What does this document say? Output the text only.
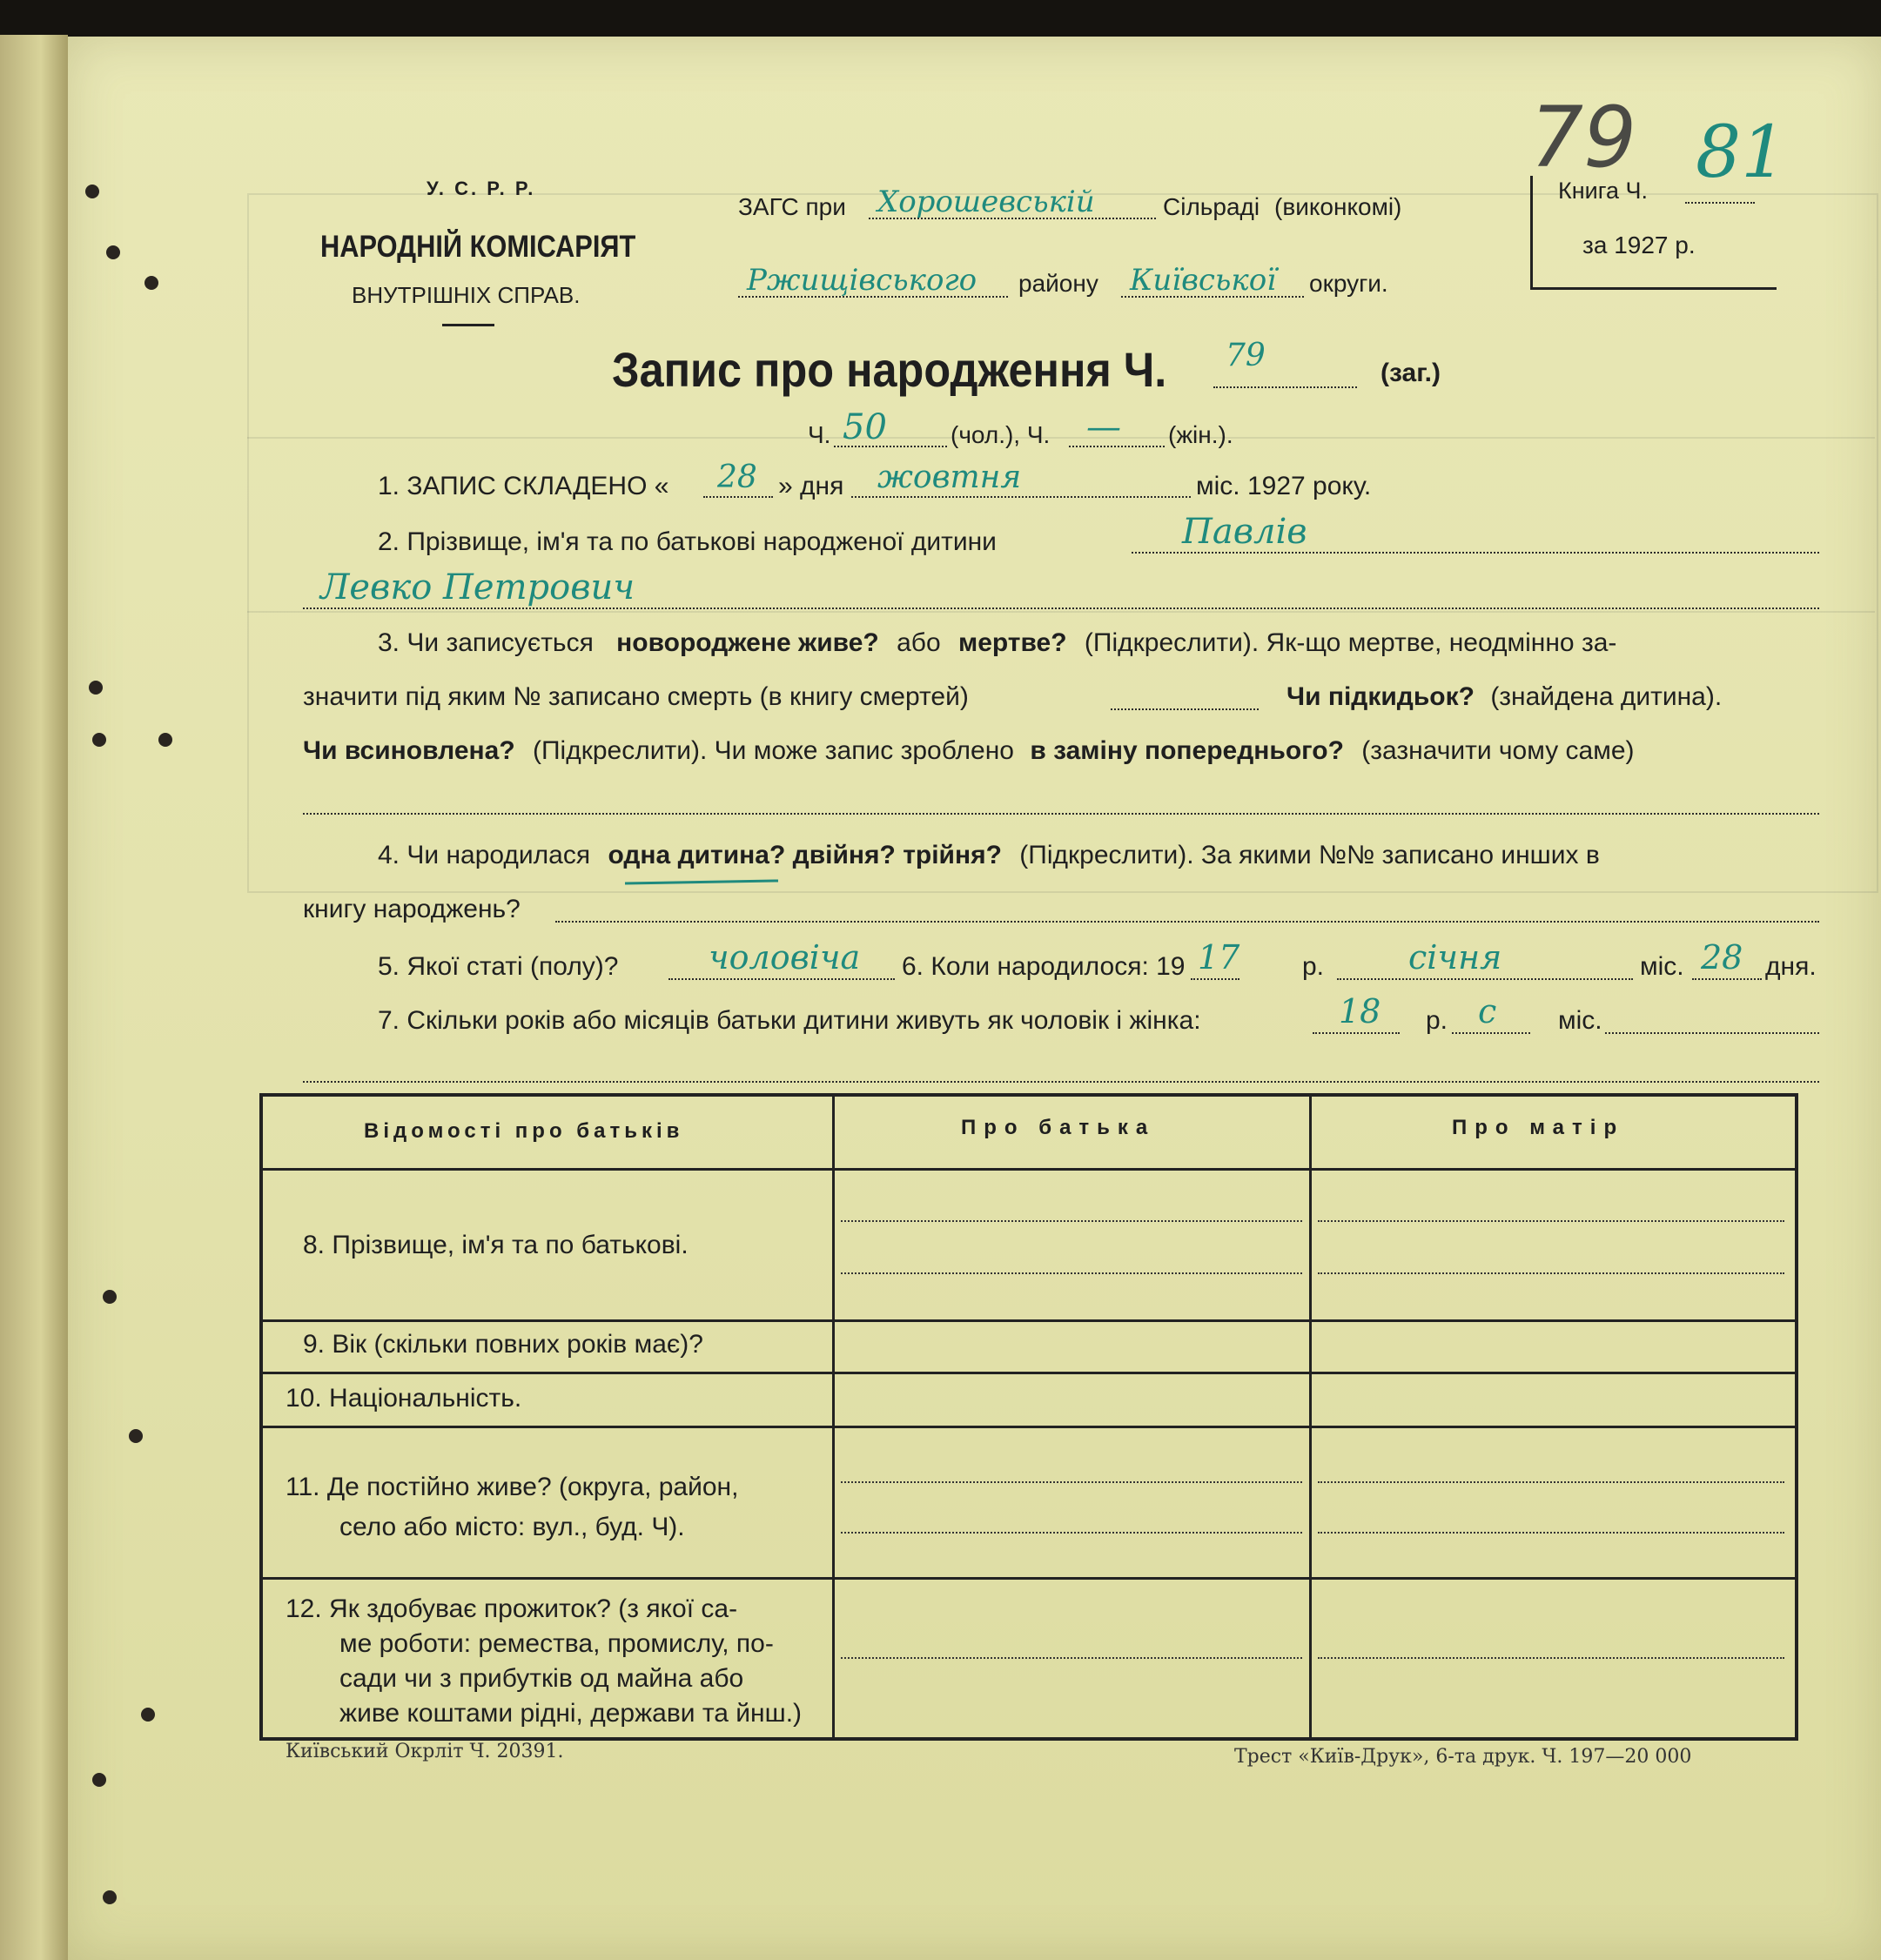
У. С. Р. Р.
НАРОДНІЙ КОМІСАРІЯТ
ВНУТРІШНІХ СПРАВ.
ЗАГС при Хорошевській	Сільраді (виконкомі)
Ржищівського району Київської округи.
Книга Ч.
за 1927 р.
79 81
Запис про народження Ч. 79	(заг.)
Ч. 50	(чол.), Ч. — (жін.).
1. ЗАПИС СКЛАДЕНО « 28 » дня жовтня	міс. 1927 року.
2. Прізвище, ім'я та по батькові народженої дитини	Павлів
Левко Петрович
3. Чи записується новороджене живе? або мертве? (Підкреслити). Як-що мертве, неодмінно за-
значити під яким № записано смерть (в книгу смертей)	Чи підкидьок? (знайдена дитина).
Чи всиновлена? (Підкреслити). Чи може запис зроблено в заміну попереднього? (зазначити чому саме)
4. Чи народилася одна дитина? двійня? трійня? (Підкреслити). За якими №№ записано инших в
книгу народжень?
5. Якої статі (полу)?	чоловіча 6. Коли народилося: 19 17 р.	січня	міс. 28 дня.
7. Скільки років або місяців батьки дитини живуть як чоловік і жінка:	18 р. с міс.
Відомості про батьків	Про батька	Про матір
8. Прізвище, ім'я та по батькові.
9. Вік (скільки повних років має)?
10. Національність.
11. Де постійно живе? (округа, район,
село або місто: вул., буд. Ч).
12. Як здобуває прожиток? (з якої са-
ме роботи: ремества, промислу, по-
сади чи з прибутків од майна або
живе коштами рідні, держави та йнш.)
Київський Окрліт Ч. 20391.	Трест «Київ-Друк», 6-та друк. Ч. 197—20 000
